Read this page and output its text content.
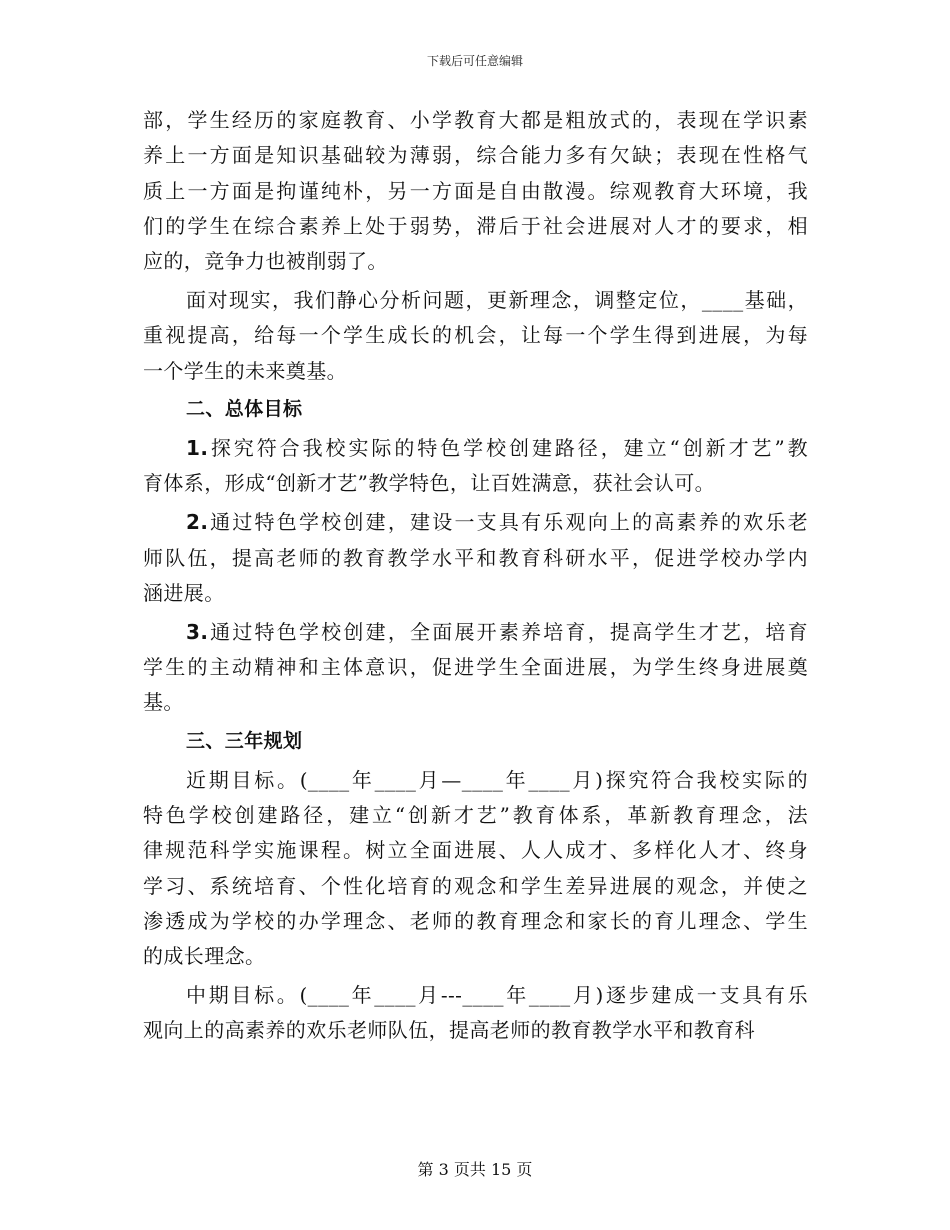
下载后可任意编辑
部，学生经历的家庭教育、小学教育大都是粗放式的，表现在学识素
养上一方面是知识基础较为薄弱，综合能力多有欠缺；表现在性格气
质上一方面是拘谨纯朴，另一方面是自由散漫。综观教育大环境，我
们的学生在综合素养上处于弱势，滞后于社会进展对人才的要求，相
应的，竞争力也被削弱了。
面对现实，我们静心分析问题，更新理念，调整定位，____基础，
重视提高，给每一个学生成长的机会，让每一个学生得到进展，为每
一个学生的未来奠基。
二、总体目标
1.探究符合我校实际的特色学校创建路径，建立“创新才艺”教
育体系，形成“创新才艺”教学特色，让百姓满意，获社会认可。
2.通过特色学校创建，建设一支具有乐观向上的高素养的欢乐老
师队伍，提高老师的教育教学水平和教育科研水平，促进学校办学内
涵进展。
3.通过特色学校创建，全面展开素养培育，提高学生才艺，培育
学生的主动精神和主体意识，促进学生全面进展，为学生终身进展奠
基。
三、三年规划
近期目标。(____年____月—____年____月)探究符合我校实际的
特色学校创建路径，建立“创新才艺”教育体系，革新教育理念，法
律规范科学实施课程。树立全面进展、人人成才、多样化人才、终身
学习、系统培育、个性化培育的观念和学生差异进展的观念，并使之
渗透成为学校的办学理念、老师的教育理念和家长的育儿理念、学生
的成长理念。
中期目标。(____年____月---____年____月)逐步建成一支具有乐
观向上的高素养的欢乐老师队伍，提高老师的教育教学水平和教育科
第 3 页共 15 页
